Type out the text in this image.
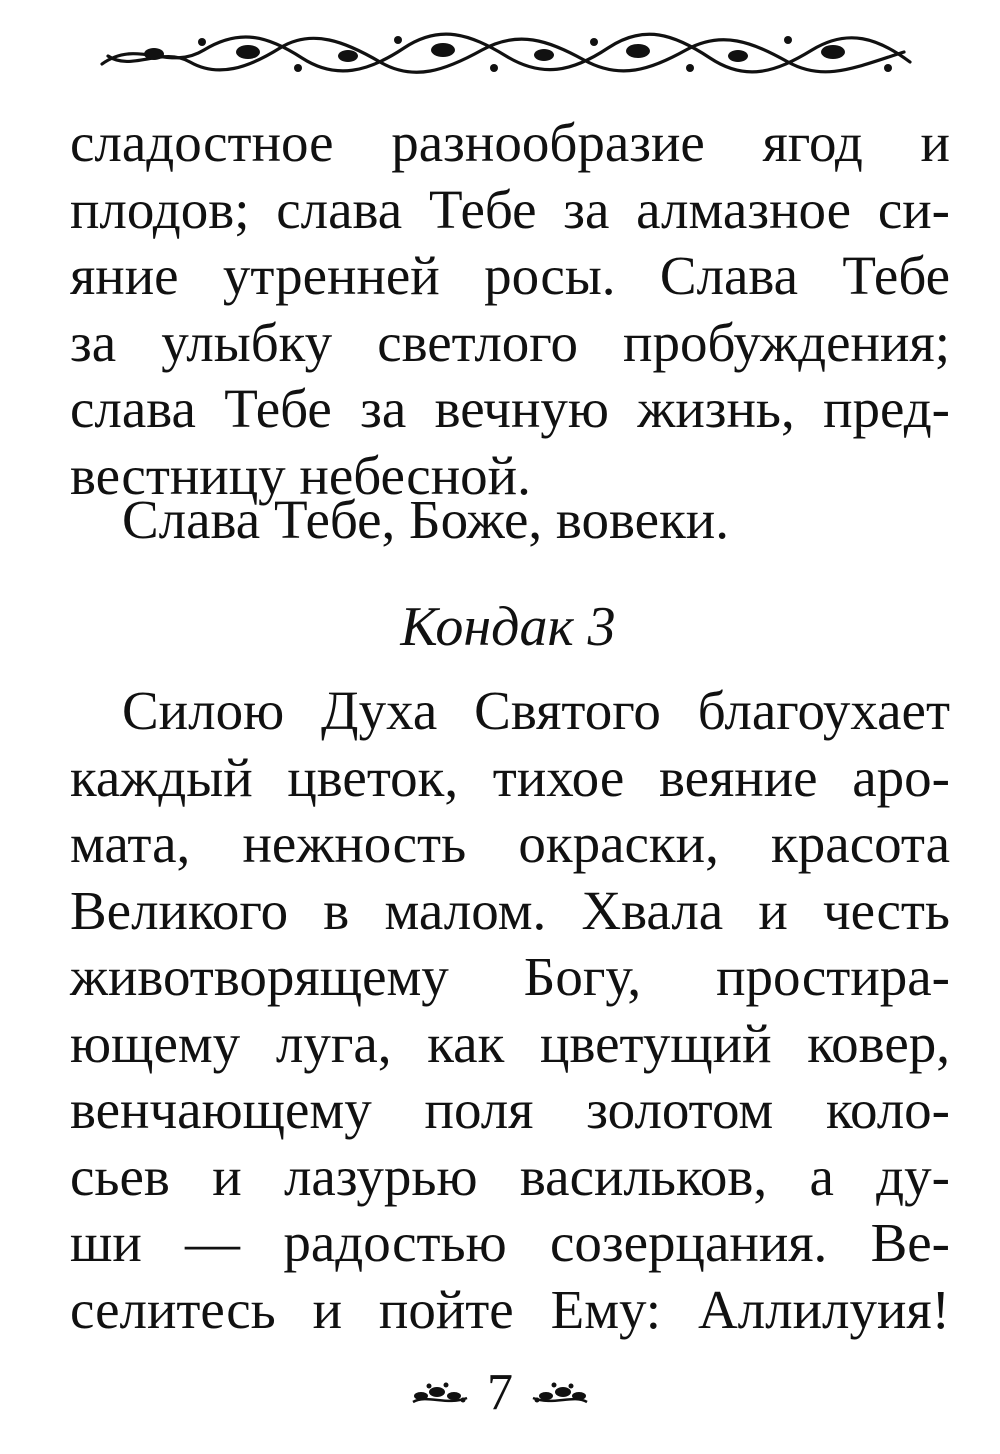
сладостное разнообразие ягод и
плодов; слава Тебе за алмазное си-
яние утренней росы. Слава Тебе
за улыбку светлого пробуждения;
слава Тебе за вечную жизнь, пред-
вестницу небесной.
Слава Тебе, Боже, вовеки.
Кондак 3
Силою Духа Святого благоухает
каждый цветок, тихое веяние аро-
мата, нежность окраски, красота
Великого в малом. Хвала и честь
животворящему Богу, простира-
ющему луга, как цветущий ковер,
венчающему поля золотом коло-
сьев и лазурью васильков, а ду-
ши — радостью созерцания. Ве-
селитесь и пойте Ему: Аллилуия!
7
